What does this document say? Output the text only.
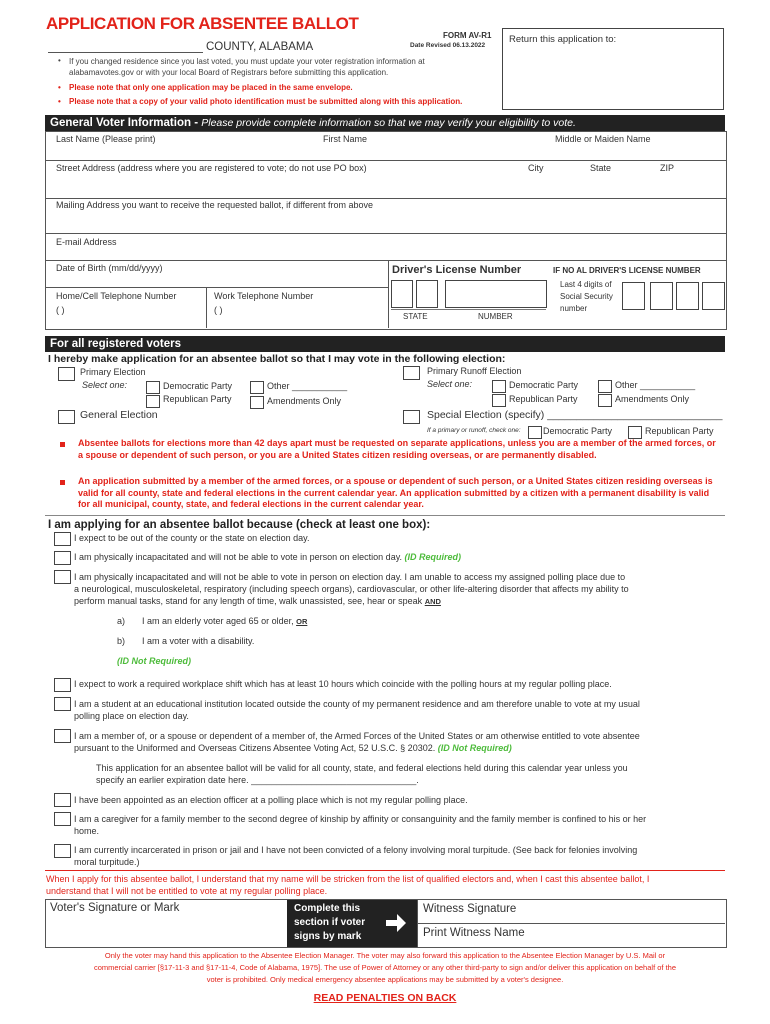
APPLICATION FOR ABSENTEE BALLOT
COUNTY, ALABAMA
FORM AV-R1
Date Revised 06.13.2022
Return this application to:
• If you changed residence since you last voted, you must update your voter registration information at
alabamavotes.gov or with your local Board of Registrars before submitting this application.
• Please note that only one application may be placed in the same envelope.
• Please note that a copy of your valid photo identification must be submitted along with this application.
General Voter Information - Please provide complete information so that we may verify your eligibility to vote.
Last Name (Please print)	First Name	Middle or Maiden Name
Street Address (address where you are registered to vote; do not use PO box)	City	State	ZIP
Mailing Address you want to receive the requested ballot, if different from above
E-mail Address
Date of Birth (mm/dd/yyyy)
Home/Cell Telephone Number
( )
Work Telephone Number
( )
Driver's License Number
STATE	NUMBER
IF NO AL DRIVER'S LICENSE NUMBER
Last 4 digits of
Social Security
number
For all registered voters
I hereby make application for an absentee ballot so that I may vote in the following election:
Primary Election
Select one:	Democratic Party
Republican Party
Other ___________
Amendments Only
Primary Runoff Election
Select one:	Democratic Party
Republican Party
Other ___________
Amendments Only
General Election	Special Election (specify) ______________________________
If a primary or runoff, check one: Democratic Party	Republican Party
Absentee ballots for elections more than 42 days apart must be requested on separate applications, unless you are a member of the armed forces, or a spouse or dependent of such person, or you are a United States citizen residing overseas, or are permanently disabled.
An application submitted by a member of the armed forces, or a spouse or dependent of such person, or a United States citizen residing overseas is valid for all county, state and federal elections in the current calendar year. An application submitted by a citizen with a permanent disability is valid for all municipal, county, state, and federal elections in the current calendar year.
I am applying for an absentee ballot because (check at least one box):
I expect to be out of the county or the state on election day.
I am physically incapacitated and will not be able to vote in person on election day. (ID Required)
I am physically incapacitated and will not be able to vote in person on election day. I am unable to access my assigned polling place due to
a neurological, musculoskeletal, respiratory (including speech organs), cardiovascular, or other life-altering disorder that affects my ability to
perform manual tasks, stand for any length of time, walk unassisted, see, hear or speak AND
a) I am an elderly voter aged 65 or older, OR
b) I am a voter with a disability.
(ID Not Required)
I expect to work a required workplace shift which has at least 10 hours which coincide with the polling hours at my regular polling place.
I am a student at an educational institution located outside the county of my permanent residence and am therefore unable to vote at my usual
polling place on election day.
I am a member of, or a spouse or dependent of a member of, the Armed Forces of the United States or am otherwise entitled to vote absentee
pursuant to the Uniformed and Overseas Citizens Absentee Voting Act, 52 U.S.C. § 20302. (ID Not Required)
This application for an absentee ballot will be valid for all county, state, and federal elections held during this calendar year unless you
specify an earlier expiration date here. _________________________________.
I have been appointed as an election officer at a polling place which is not my regular polling place.
I am a caregiver for a family member to the second degree of kinship by affinity or consanguinity and the family member is confined to his or her
home.
I am currently incarcerated in prison or jail and I have not been convicted of a felony involving moral turpitude. (See back for felonies involving
moral turpitude.)
When I apply for this absentee ballot, I understand that my name will be stricken from the list of qualified electors and, when I cast this absentee ballot, I
understand that I will not be entitled to vote at my regular polling place.
Voter's Signature or Mark	Complete this
section if voter
signs by mark
Witness Signature
Print Witness Name
Only the voter may hand this application to the Absentee Election Manager. The voter may also forward this application to the Absentee Election Manager by U.S. Mail or
commercial carrier [§17-11-3 and §17-11-4, Code of Alabama, 1975]. The use of Power of Attorney or any other third-party to sign and/or deliver this application on behalf of the
voter is prohibited. Only medical emergency absentee applications may be submitted by a voter's designee.
READ PENALTIES ON BACK
